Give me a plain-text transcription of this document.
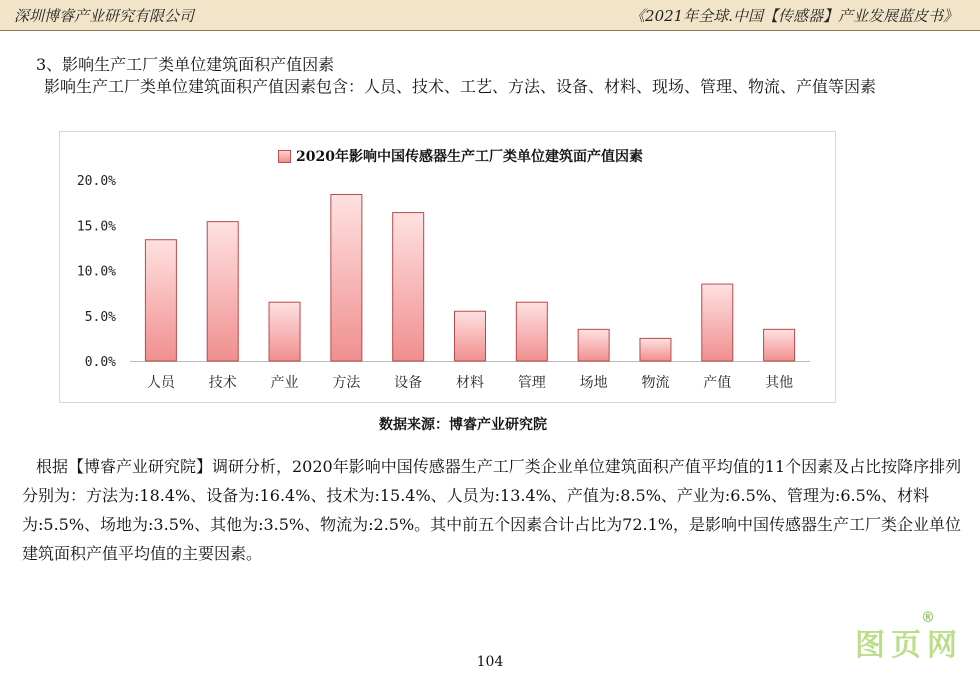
深圳博睿产业研究有限公司	《2021年全球.中国【传感器】产业发展蓝皮书》
3、影响生产工厂类单位建筑面积产值因素
影响生产工厂类单位建筑面积产值因素包含：人员、技术、工艺、方法、设备、材料、现场、管理、物流、产值等因素
0.0%
5.0%
10.0%
15.0%
20.0%
人员 技术 产业 方法 设备 材料 管理 场地 物流 产值 其他
2020年影响中国传感器生产工厂类单位建筑面产值因素
数据来源：博睿产业研究院
根据【博睿产业研究院】调研分析，2020年影响中国传感器生产工厂类企业单位建筑面积产值平均值的11个因素及占比按降序排列分别为：方法为:18.4%、设备为:16.4%、技术为:15.4%、人员为:13.4%、产值为:8.5%、产业为:6.5%、管理为:6.5%、材料为:5.5%、场地为:3.5%、其他为:3.5%、物流为:2.5%。其中前五个因素合计占比为72.1%，是影响中国传感器生产工厂类企业单位建筑面积产值平均值的主要因素。
104	图页网
®
